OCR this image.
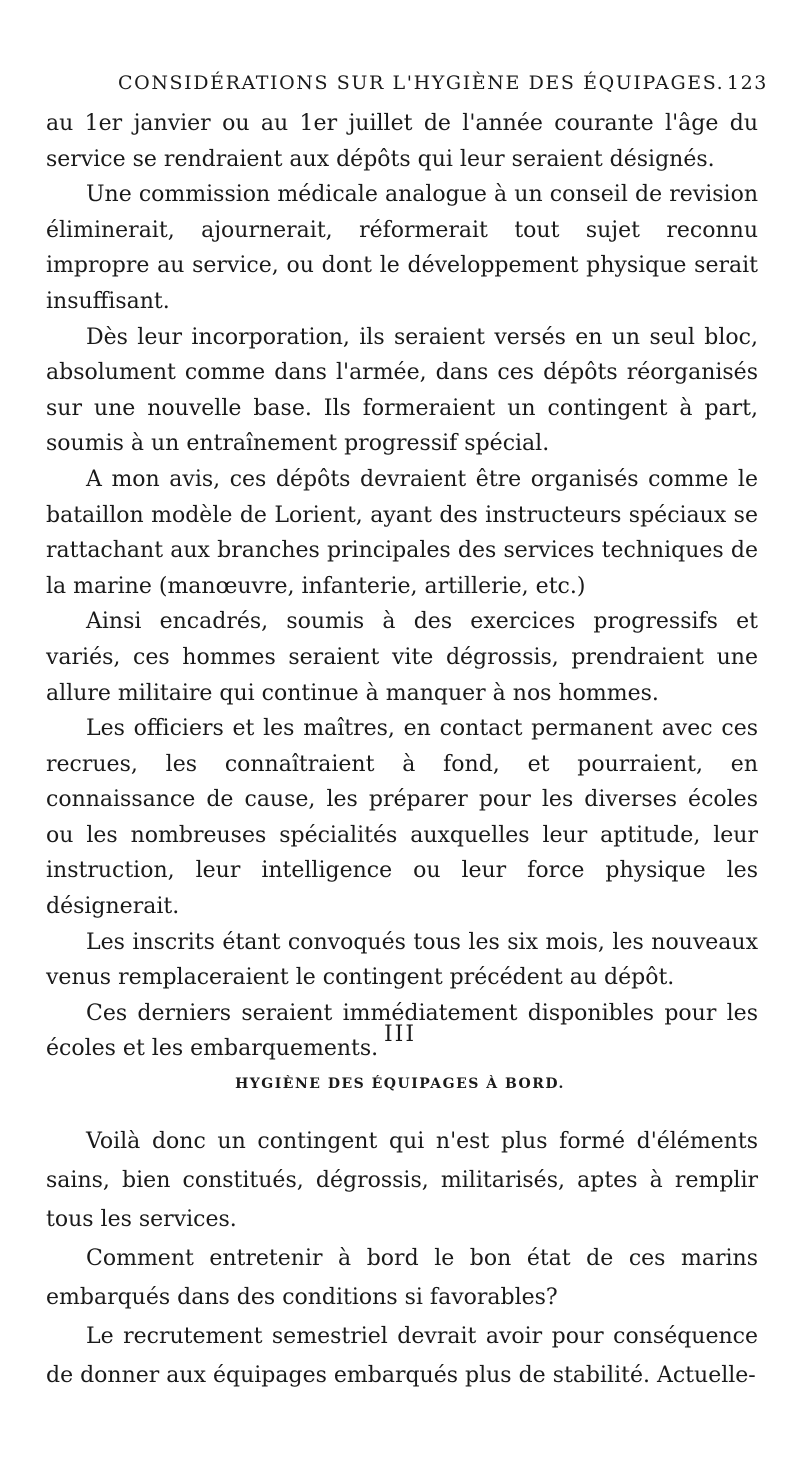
CONSIDÉRATIONS SUR L'HYGIÈNE DES ÉQUIPAGES. 123

au 1er janvier ou au 1er juillet de l'année courante l'âge du service se rendraient aux dépôts qui leur seraient désignés.

Une commission médicale analogue à un conseil de revision éliminerait, ajournerait, réformerait tout sujet reconnu impropre au service, ou dont le développement physique serait insuffisant.

Dès leur incorporation, ils seraient versés en un seul bloc, absolument comme dans l'armée, dans ces dépôts réorganisés sur une nouvelle base. Ils formeraient un contingent à part, soumis à un entraînement progressif spécial.

A mon avis, ces dépôts devraient être organisés comme le bataillon modèle de Lorient, ayant des instructeurs spéciaux se rattachant aux branches principales des services techniques de la marine (manœuvre, infanterie, artillerie, etc.)

Ainsi encadrés, soumis à des exercices progressifs et variés, ces hommes seraient vite dégrossis, prendraient une allure militaire qui continue à manquer à nos hommes.

Les officiers et les maîtres, en contact permanent avec ces recrues, les connaîtraient à fond, et pourraient, en connaissance de cause, les préparer pour les diverses écoles ou les nombreuses spécialités auxquelles leur aptitude, leur instruction, leur intelligence ou leur force physique les désignerait.

Les inscrits étant convoqués tous les six mois, les nouveaux venus remplaceraient le contingent précédent au dépôt.

Ces derniers seraient immédiatement disponibles pour les écoles et les embarquements.

III
HYGIÈNE DES ÉQUIPAGES À BORD.

Voilà donc un contingent qui n'est plus formé d'éléments sains, bien constitués, dégrossis, militarisés, aptes à remplir tous les services.

Comment entretenir à bord le bon état de ces marins embarqués dans des conditions si favorables?

Le recrutement semestriel devrait avoir pour conséquence de donner aux équipages embarqués plus de stabilité. Actuelle-
